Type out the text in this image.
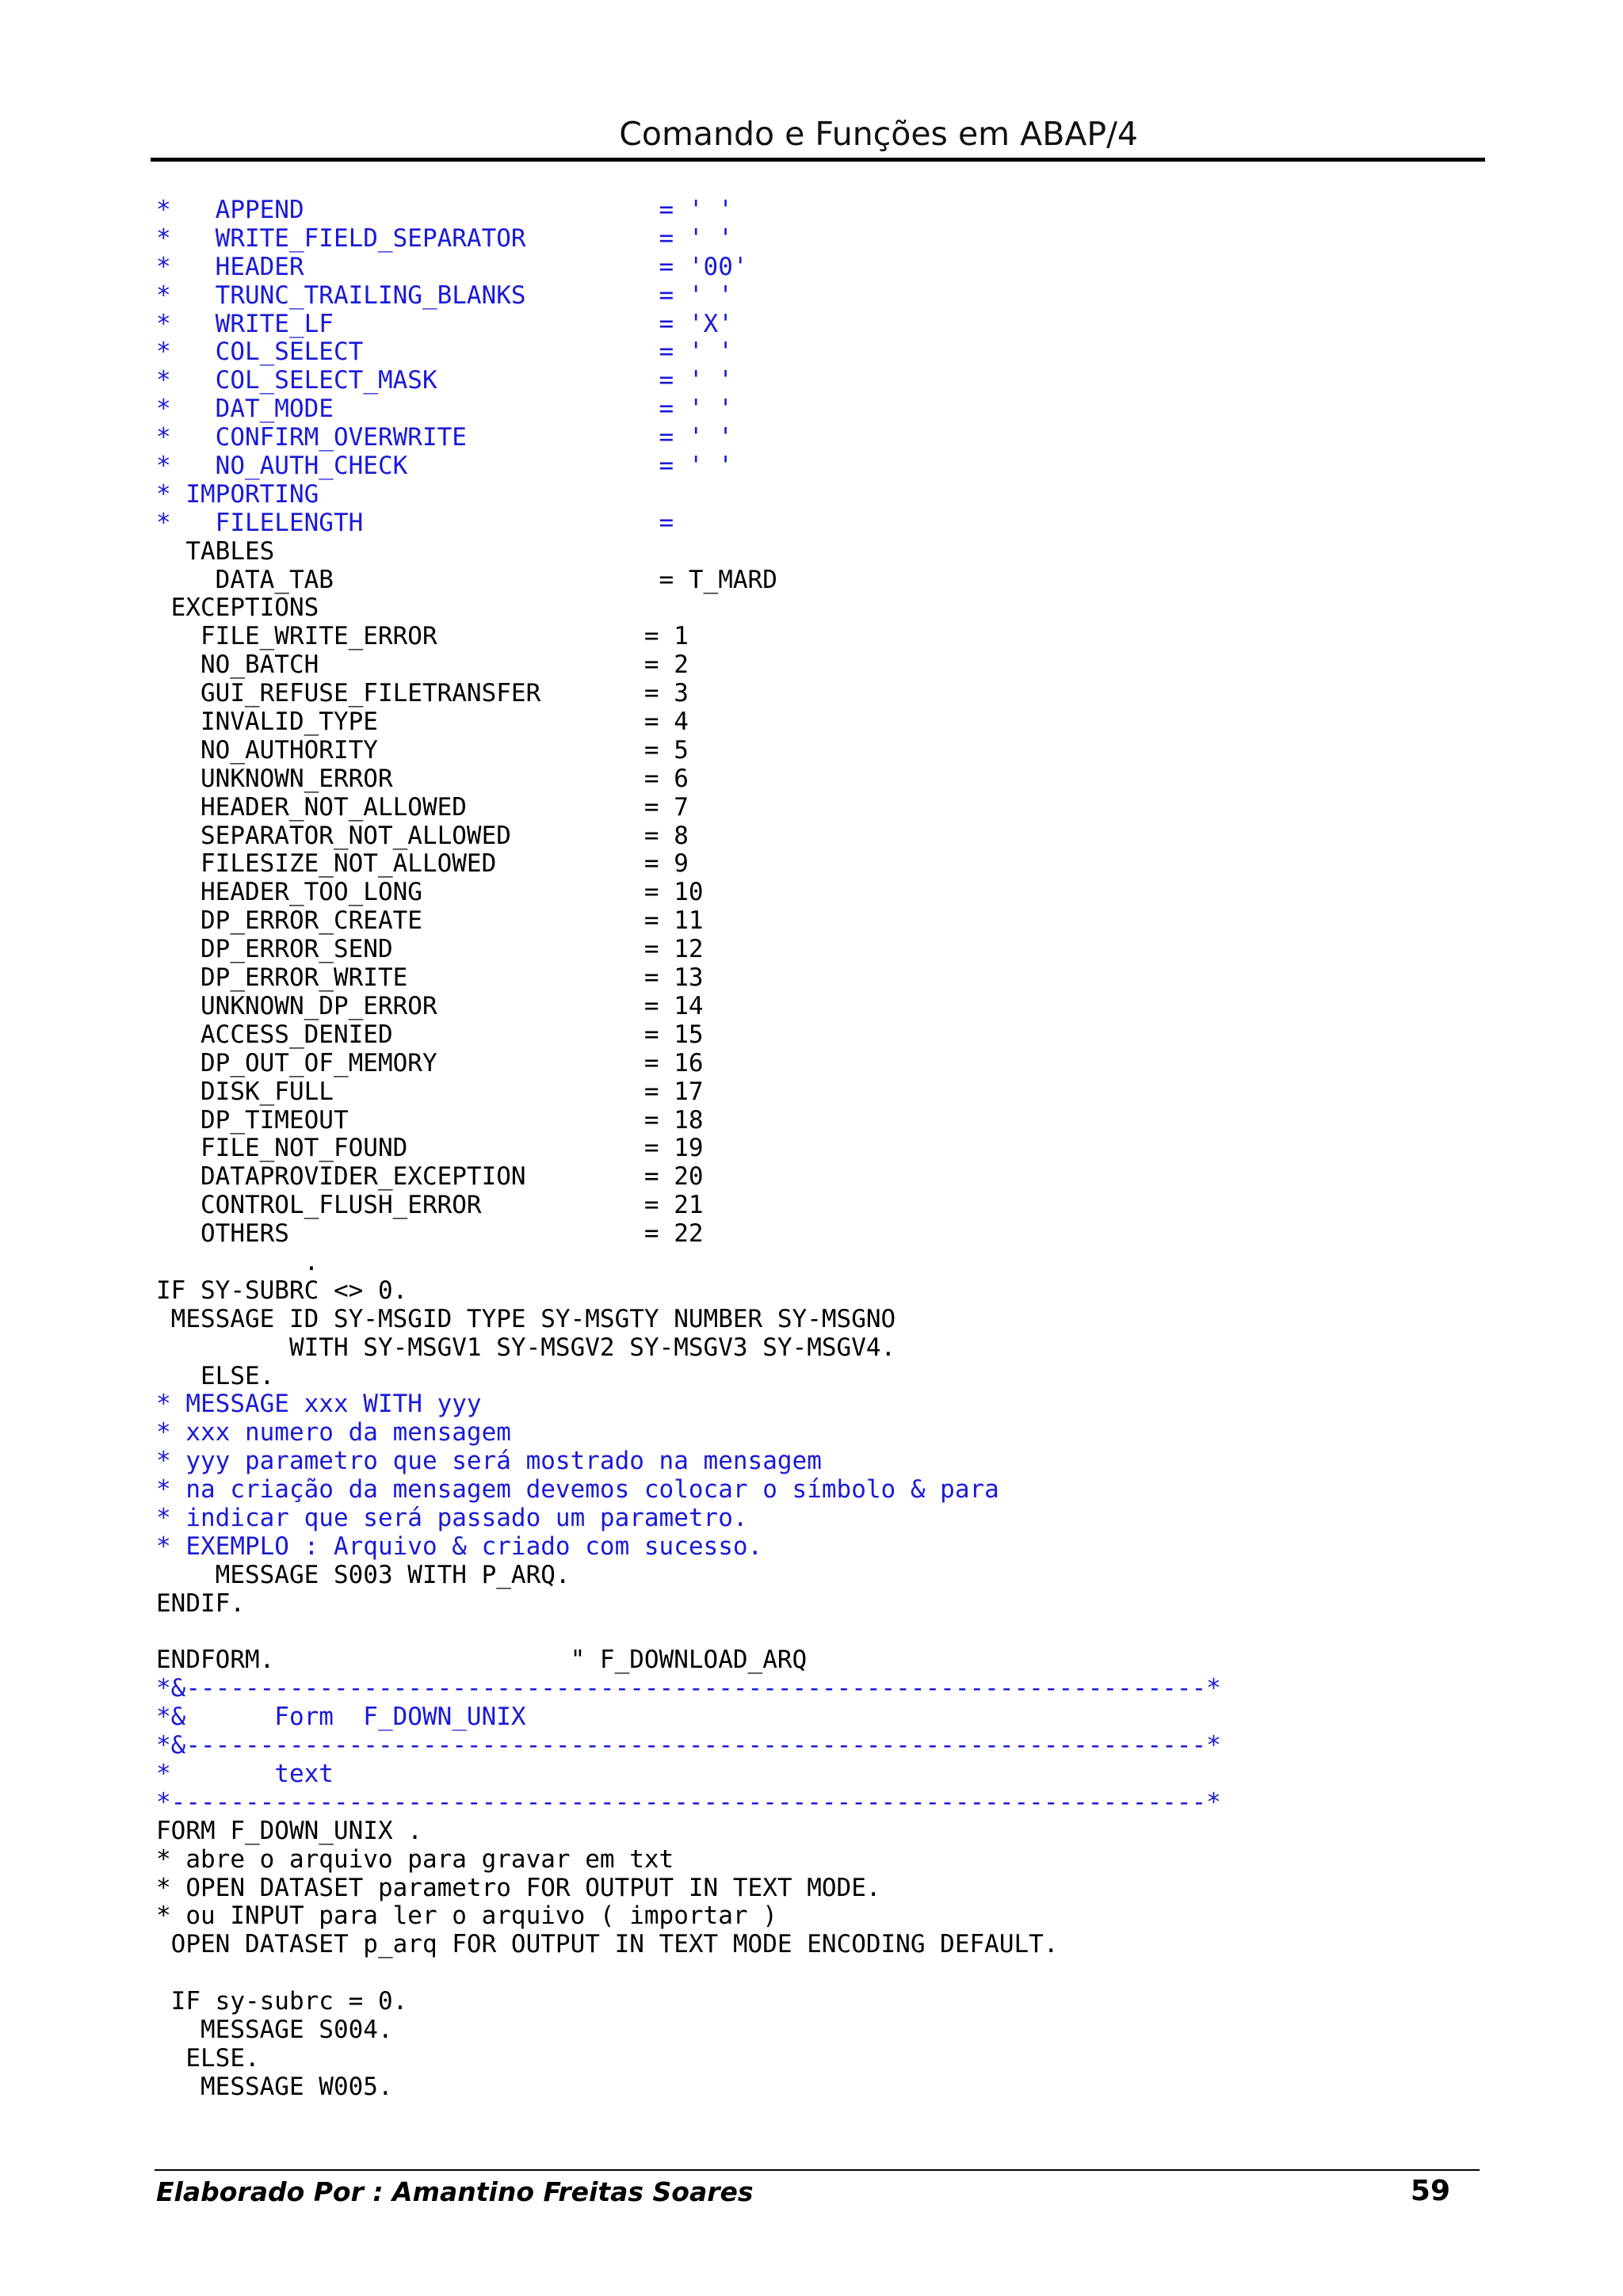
Comando e Funções em ABAP/4
*   APPEND                        = ' '
*   WRITE_FIELD_SEPARATOR         = ' '
*   HEADER                        = '00'
*   TRUNC_TRAILING_BLANKS         = ' '
*   WRITE_LF                      = 'X'
*   COL_SELECT                    = ' '
*   COL_SELECT_MASK               = ' '
*   DAT_MODE                      = ' '
*   CONFIRM_OVERWRITE             = ' '
*   NO_AUTH_CHECK                 = ' '
* IMPORTING
*   FILELENGTH                    =
TABLES
DATA_TAB                      = T_MARD
EXCEPTIONS
FILE_WRITE_ERROR              = 1
NO_BATCH                      = 2
GUI_REFUSE_FILETRANSFER       = 3
INVALID_TYPE                  = 4
NO_AUTHORITY                  = 5
UNKNOWN_ERROR                 = 6
HEADER_NOT_ALLOWED            = 7
SEPARATOR_NOT_ALLOWED         = 8
FILESIZE_NOT_ALLOWED          = 9
HEADER_TOO_LONG               = 10
DP_ERROR_CREATE               = 11
DP_ERROR_SEND                 = 12
DP_ERROR_WRITE                = 13
UNKNOWN_DP_ERROR              = 14
ACCESS_DENIED                 = 15
DP_OUT_OF_MEMORY              = 16
DISK_FULL                     = 17
DP_TIMEOUT                    = 18
FILE_NOT_FOUND                = 19
DATAPROVIDER_EXCEPTION        = 20
CONTROL_FLUSH_ERROR           = 21
OTHERS                        = 22
.
IF SY-SUBRC <> 0.
MESSAGE ID SY-MSGID TYPE SY-MSGTY NUMBER SY-MSGNO
WITH SY-MSGV1 SY-MSGV2 SY-MSGV3 SY-MSGV4.
ELSE.
* MESSAGE xxx WITH yyy
* xxx numero da mensagem
* yyy parametro que será mostrado na mensagem
* na criação da mensagem devemos colocar o símbolo & para
* indicar que será passado um parametro.
* EXEMPLO : Arquivo & criado com sucesso.
MESSAGE S003 WITH P_ARQ.
ENDIF.
ENDFORM.                    " F_DOWNLOAD_ARQ
*&---------------------------------------------------------------------*
*&      Form  F_DOWN_UNIX
*&---------------------------------------------------------------------*
*       text
*----------------------------------------------------------------------*
FORM F_DOWN_UNIX .
* abre o arquivo para gravar em txt
* OPEN DATASET parametro FOR OUTPUT IN TEXT MODE.
* ou INPUT para ler o arquivo ( importar )
OPEN DATASET p_arq FOR OUTPUT IN TEXT MODE ENCODING DEFAULT.
IF sy-subrc = 0.
MESSAGE S004.
ELSE.
MESSAGE W005.
Elaborado Por : Amantino Freitas Soares	59
